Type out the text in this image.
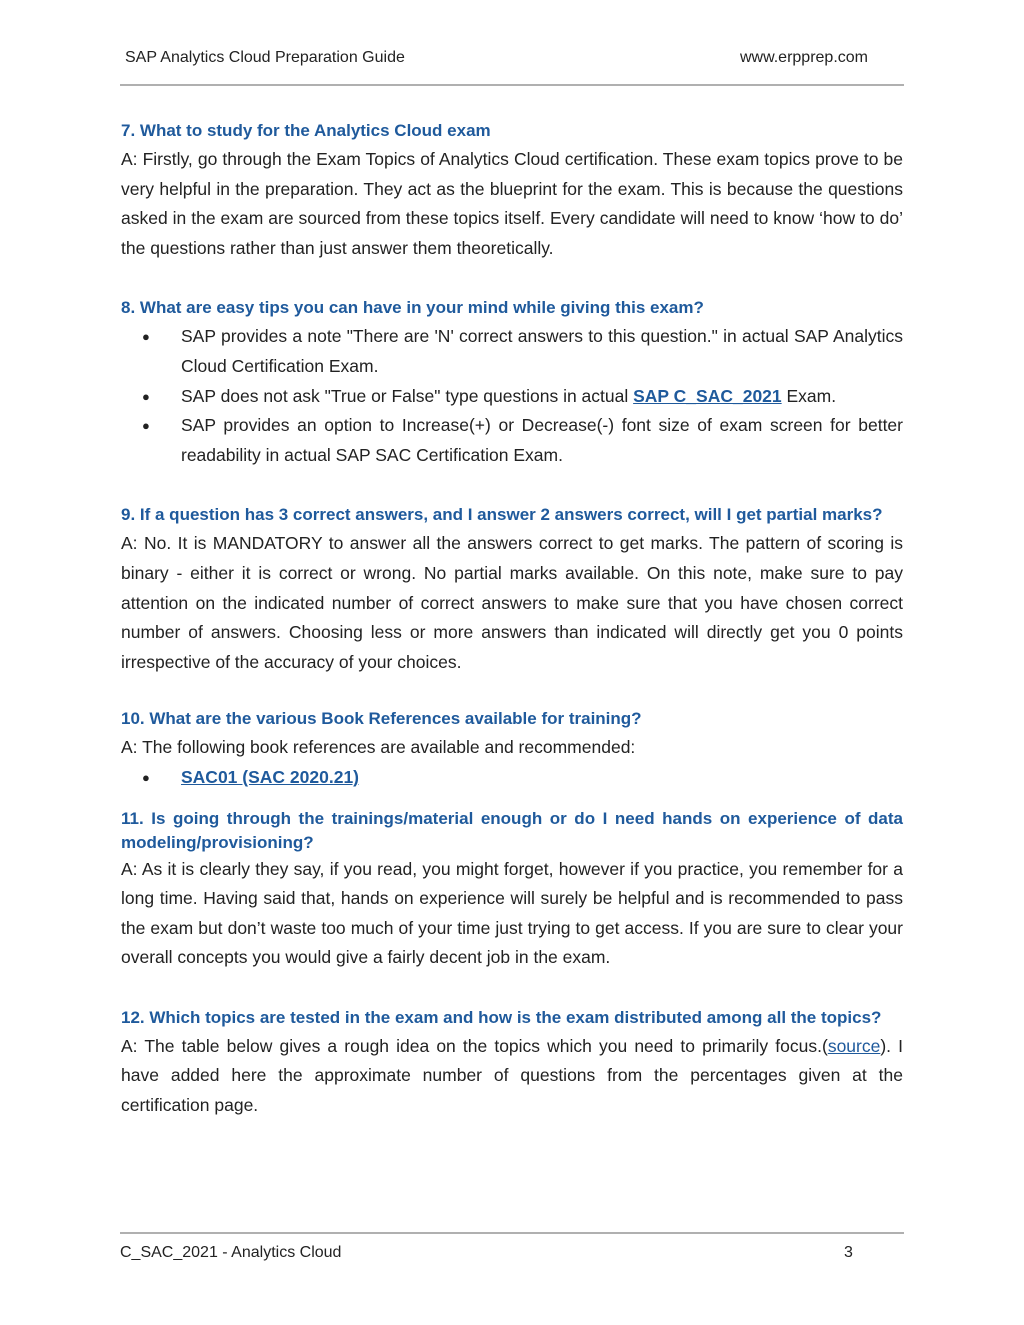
SAP Analytics Cloud Preparation Guide	www.erpprep.com
7. What to study for the Analytics Cloud exam

A: Firstly, go through the Exam Topics of Analytics Cloud certification. These exam topics prove to be very helpful in the preparation. They act as the blueprint for the exam. This is because the questions asked in the exam are sourced from these topics itself. Every candidate will need to know ‘how to do’ the questions rather than just answer them theoretically.

8. What are easy tips you can have in your mind while giving this exam?
● SAP provides a note "There are 'N' correct answers to this question." in actual SAP Analytics Cloud Certification Exam.
● SAP does not ask "True or False" type questions in actual SAP C_SAC_2021 Exam.
● SAP provides an option to Increase(+) or Decrease(-) font size of exam screen for better readability in actual SAP SAC Certification Exam.
9. If a question has 3 correct answers, and I answer 2 answers correct, will I get partial marks?

A: No. It is MANDATORY to answer all the answers correct to get marks. The pattern of scoring is binary - either it is correct or wrong. No partial marks available. On this note, make sure to pay attention on the indicated number of correct answers to make sure that you have chosen correct number of answers. Choosing less or more answers than indicated will directly get you 0 points irrespective of the accuracy of your choices.

10. What are the various Book References available for training?

A: The following book references are available and recommended:

● SAC01 (SAC 2020.21)
11. Is going through the trainings/material enough or do I need hands on experience of data modeling/provisioning?

A: As it is clearly they say, if you read, you might forget, however if you practice, you remember for a long time. Having said that, hands on experience will surely be helpful and is recommended to pass the exam but don’t waste too much of your time just trying to get access. If you are sure to clear your overall concepts you would give a fairly decent job in the exam.

12. Which topics are tested in the exam and how is the exam distributed among all the topics?

A: The table below gives a rough idea on the topics which you need to primarily focus.(source). I have added here the approximate number of questions from the percentages given at the certification page.

C_SAC_2021 - Analytics Cloud	3
